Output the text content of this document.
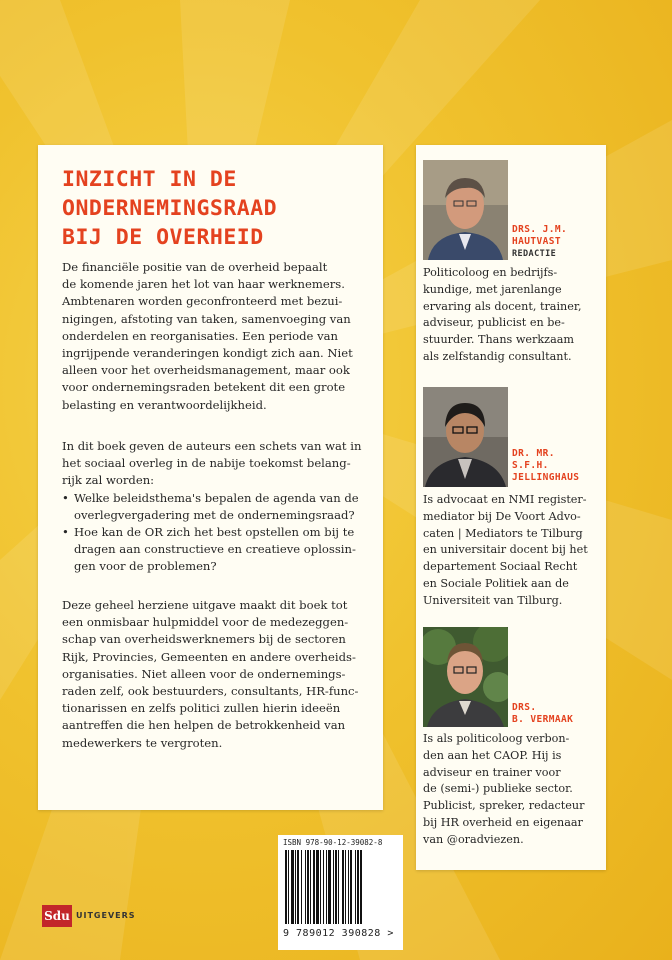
INZICHT IN DE
ONDERNEMINGSRAAD
BIJ DE OVERHEID
De financiële positie van de overheid bepaalt
de komende jaren het lot van haar werknemers.
Ambtenaren worden geconfronteerd met bezui-
nigingen, afstoting van taken, samenvoeging van
onderdelen en reorganisaties. Een periode van
ingrijpende veranderingen kondigt zich aan. Niet
alleen voor het overheidsmanagement, maar ook
voor ondernemingsraden betekent dit een grote
belasting en verantwoordelijkheid.
In dit boek geven de auteurs een schets van wat in
het sociaal overleg in de nabije toekomst belang-
rijk zal worden:
• Welke beleidsthema's bepalen de agenda van de
overlegvergadering met de ondernemingsraad?
• Hoe kan de OR zich het best opstellen om bij te
dragen aan constructieve en creatieve oplossin-
gen voor de problemen?
Deze geheel herziene uitgave maakt dit boek tot
een onmisbaar hulpmiddel voor de medezeggen-
schap van overheidswerknemers bij de sectoren
Rijk, Provincies, Gemeenten en andere overheids-
organisaties. Niet alleen voor de ondernemings-
raden zelf, ook bestuurders, consultants, HR-func-
tionarissen en zelfs politici zullen hierin ideeën
aantreffen die hen helpen de betrokkenheid van
medewerkers te vergroten.
DRS. J.M.
HAUTVAST
REDACTIE
Politicoloog en bedrijfs-
kundige, met jarenlange
ervaring als docent, trainer,
adviseur, publicist en be-
stuurder. Thans werkzaam
als zelfstandig consultant.
DR. MR.
S.F.H.
JELLINGHAUS
Is advocaat en NMI register-
mediator bij De Voort Advo-
caten | Mediators te Tilburg
en universitair docent bij het
departement Sociaal Recht
en Sociale Politiek aan de
Universiteit van Tilburg.
DRS.
B. VERMAAK
Is als politicoloog verbon-
den aan het CAOP. Hij is
adviseur en trainer voor
de (semi-) publieke sector.
Publicist, spreker, redacteur
bij HR overheid en eigenaar
van @oradviezen.
ISBN 978-90-12-39082-8
9 789012 390828 >
Sdu UITGEVERS
